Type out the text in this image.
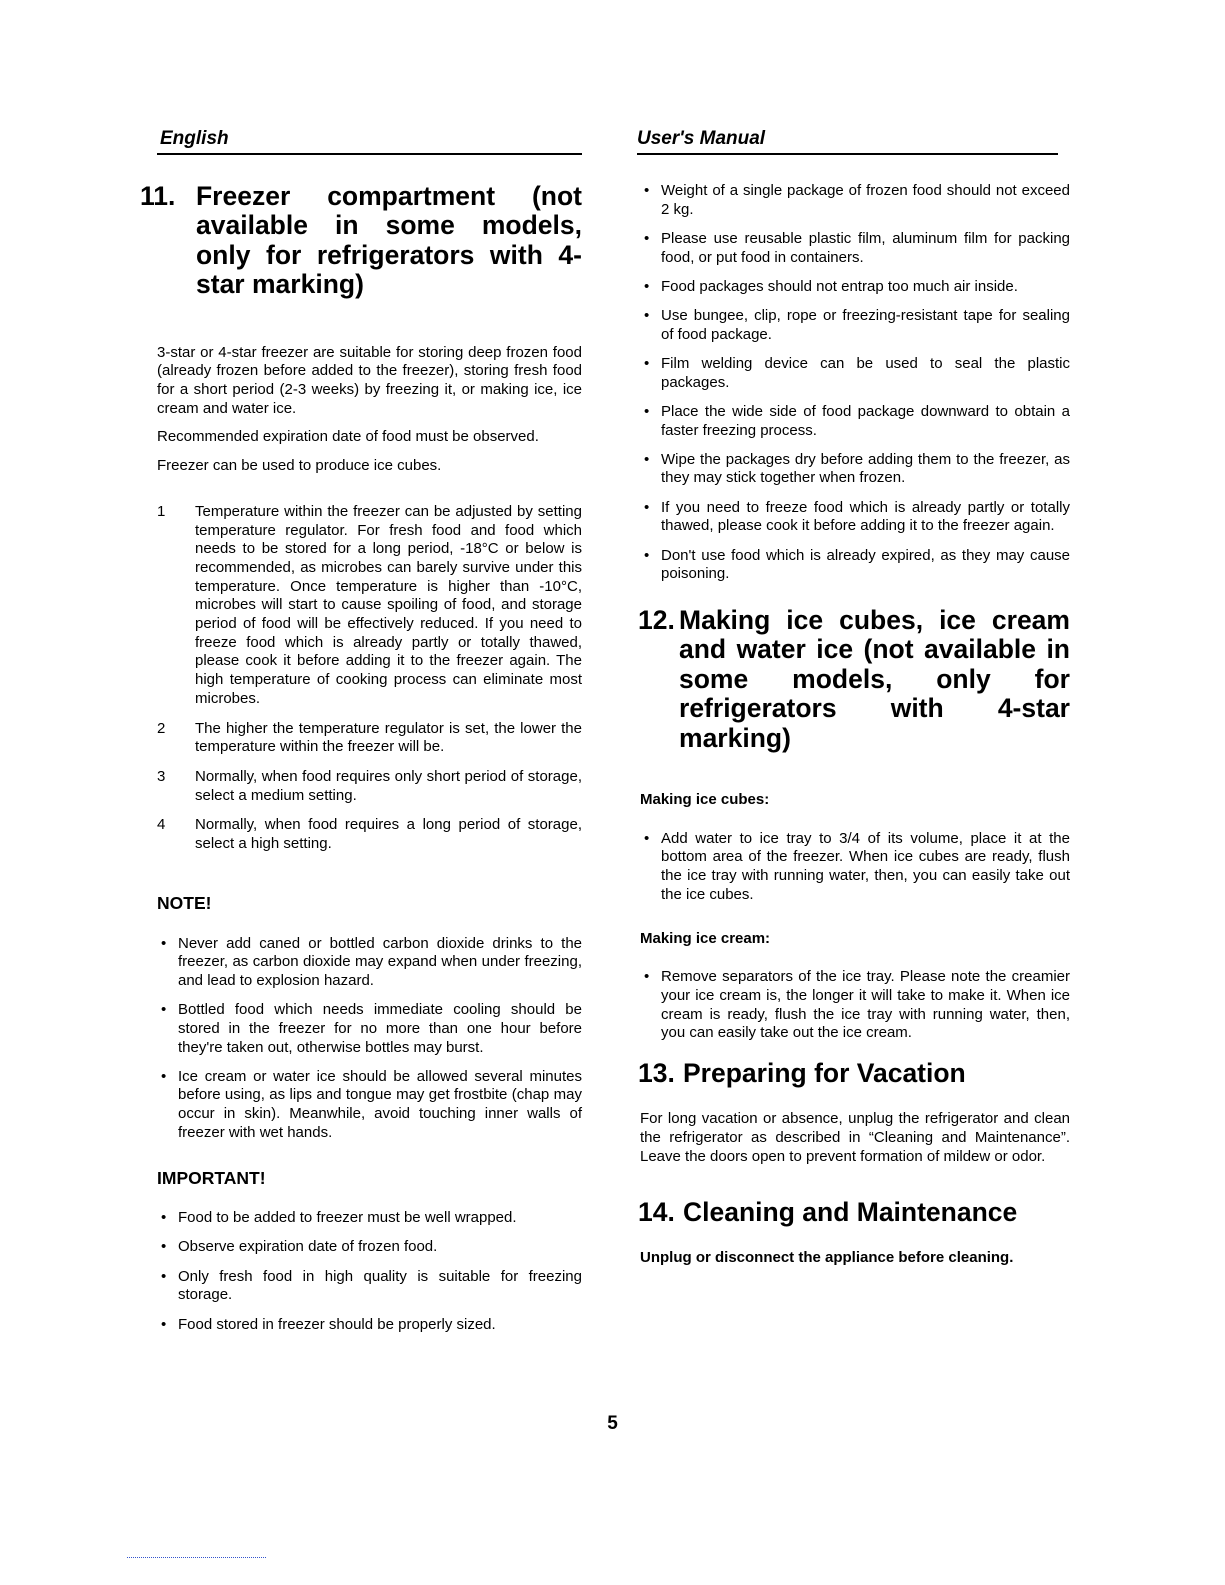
English	User's Manual
11. Freezer compartment (not available in some models, only for refrigerators with 4-star marking)

3-star or 4-star freezer are suitable for storing deep frozen food (already frozen before added to the freezer), storing fresh food for a short period (2-3 weeks) by freezing it, or making ice, ice cream and water ice.

Recommended expiration date of food must be observed.

Freezer can be used to produce ice cubes.

1	Temperature within the freezer can be adjusted by setting temperature regulator. For fresh food and food which needs to be stored for a long period, -18°C or below is recommended, as microbes can barely survive under this temperature. Once temperature is higher than -10°C, microbes will start to cause spoiling of food, and storage period of food will be effectively reduced. If you need to freeze food which is already partly or totally thawed, please cook it before adding it to the freezer again. The high temperature of cooking process can eliminate most microbes.
2	The higher the temperature regulator is set, the lower the temperature within the freezer will be.
3	Normally, when food requires only short period of storage, select a medium setting.
4	Normally, when food requires a long period of storage, select a high setting.
NOTE!
• Never add caned or bottled carbon dioxide drinks to the freezer, as carbon dioxide may expand when under freezing, and lead to explosion hazard.
• Bottled food which needs immediate cooling should be stored in the freezer for no more than one hour before they're taken out, otherwise bottles may burst.
• Ice cream or water ice should be allowed several minutes before using, as lips and tongue may get frostbite (chap may occur in skin). Meanwhile, avoid touching inner walls of freezer with wet hands.
IMPORTANT!
• Food to be added to freezer must be well wrapped.
• Observe expiration date of frozen food.
• Only fresh food in high quality is suitable for freezing storage.
• Food stored in freezer should be properly sized.
• Weight of a single package of frozen food should not exceed 2 kg.
• Please use reusable plastic film, aluminum film for packing food, or put food in containers.
• Food packages should not entrap too much air inside.
• Use bungee, clip, rope or freezing-resistant tape for sealing of food package.
• Film welding device can be used to seal the plastic packages.
• Place the wide side of food package downward to obtain a faster freezing process.
• Wipe the packages dry before adding them to the freezer, as they may stick together when frozen.
• If you need to freeze food which is already partly or totally thawed, please cook it before adding it to the freezer again.
• Don't use food which is already expired, as they may cause poisoning.
12. Making ice cubes, ice cream and water ice (not available in some models, only for refrigerators with 4-star marking)
Making ice cubes:
• Add water to ice tray to 3/4 of its volume, place it at the bottom area of the freezer. When ice cubes are ready, flush the ice tray with running water, then, you can easily take out the ice cubes.
Making ice cream:
• Remove separators of the ice tray. Please note the creamier your ice cream is, the longer it will take to make it. When ice cream is ready, flush the ice tray with running water, then, you can easily take out the ice cream.
13. Preparing for Vacation

For long vacation or absence, unplug the refrigerator and clean the refrigerator as described in “Cleaning and Maintenance”. Leave the doors open to prevent formation of mildew or odor.

14. Cleaning and Maintenance
Unplug or disconnect the appliance before cleaning.
5
